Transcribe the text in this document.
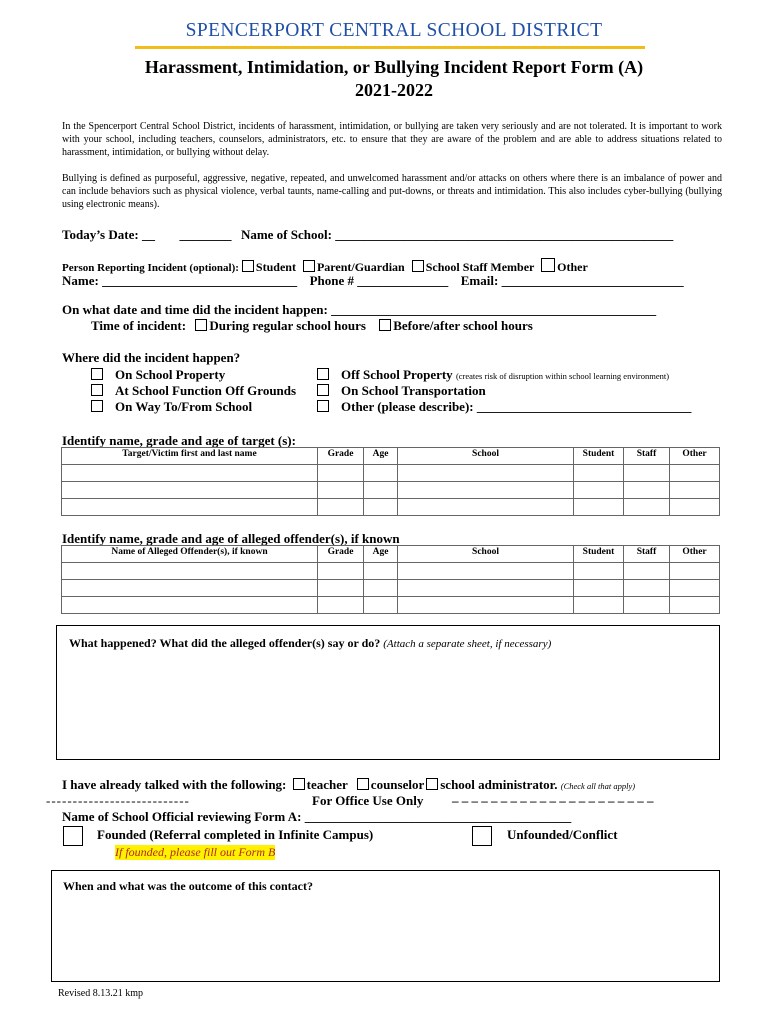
SPENCERPORT CENTRAL SCHOOL DISTRICT
Harassment, Intimidation, or Bullying Incident Report Form (A)
2021-2022
In the Spencerport Central School District, incidents of harassment, intimidation, or bullying are taken very seriously and are not tolerated. It is important to work with your school, including teachers, counselors, administrators, etc. to ensure that they are aware of the problem and are able to address situations related to harassment, intimidation, or bullying without delay.
Bullying is defined as purposeful, aggressive, negative, repeated, and unwelcomed harassment and/or attacks on others where there is an imbalance of power and can include behaviors such as physical violence, verbal taunts, name-calling and put-downs, or threats and intimidation. This also includes cyber-bullying (bullying using electronic means).
Today’s Date: __ ________ Name of School: ____________________________________________________
Person Reporting Incident (optional): Student Parent/Guardian School Staff Member Other
Name: ______________________________ Phone # ______________ Email: ____________________________
On what date and time did the incident happen: __________________________________________________
Time of incident: During regular school hours Before/after school hours
Where did the incident happen?
On School Property
At School Function Off Grounds
On Way To/From School
Off School Property (creates risk of disruption within school learning environment)
On School Transportation
Other (please describe): _________________________________
Identify name, grade and age of target (s):
Target/Victim first and last name	Grade	Age	School	Student	Staff	Other

Identify name, grade and age of alleged offender(s), if known
Name of Alleged Offender(s), if known	Grade	Age	School	Student	Staff	Other

What happened? What did the alleged offender(s) say or do? (Attach a separate sheet, if necessary)
I have already talked with the following: teacher counselor school administrator. (Check all that apply)
---------------------------	For Office Use Only – – – – – – – – – – – – – – – – – – – – –
Name of School Official reviewing Form A: _________________________________________
Founded (Referral completed in Infinite Campus)
If founded, please fill out Form B
Unfounded/Conflict
When and what was the outcome of this contact?
Revised 8.13.21 kmp
